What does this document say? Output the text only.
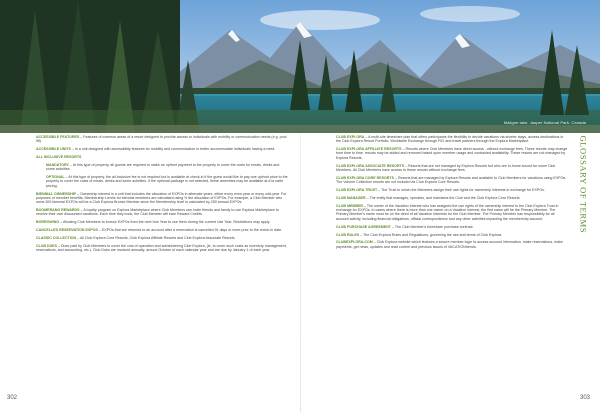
Maligne lake, Jasper National Park, Canada
ACCESSIBLE FEATURES – Features of common areas of a resort designed to provide access to individuals with mobility or communication needs (e.g. pool lift).
ACCESSIBLE UNITS – Is a unit designed with accessibility features for mobility and communication to better accommodate individuals having a need.
ALL INCLUSIVE RESORTS
MANDATORY – At this type of property, all guests are required to make an upfront payment to the property to cover the costs for meals, drinks and some activities.
OPTIONAL – At this type of property, the all-inclusive fee is not required but is available at check-in if the guest would like to pay one upfront price to the property to cover the costs of meals, drinks and some activities. If the optional package is not selected, these amenities may be available at à la carte pricing.
BIENNIAL OWNERSHIP – Ownership interest in a unit that includes the allocation of EXPOs in alternate years, either every even-year or every odd-year. For purposes of member benefits, Membership Levels for biennial members are calculated using ½ the allocation of EXPOs. For example, a Club Member who owns 300 biennial EXPOs will be a Club Explora Bronze Member since the Membership level is calculated by 250 annual EXPOs.
BOOMERANG REWARDS – A loyalty program on Explora Marketplace where Club Members can invite friends and family to use Explora Marketplace to receive their own discounted vacations. Each time they book, the Club Member will earn Reward Credits.
BORROWING – Allowing Club Members to borrow EXPOs from the next Use Year to use them during the current Use Year. Restrictions may apply.
CANCELLED RESERVATION EXPOS – EXPOs that are returned to an account after a reservation is cancelled 91 days or more prior to the check-in date.
CLASSIC COLLECTION – All Club Explora Core Resorts, Club Explora Affiliate Resorts and Club Explora Associate Resorts.
CLUB DUES – Dues paid by Club Members to cover the cost of operation and administering Club Explora, (ie, to cover such costs as inventory management, reservations, and accounting, etc.). Club Dues are invoiced annually, around October of each calendar year and are due by January 1 of each year.
CLUB EXPLORA – A multi-site timeshare plan that offers participants the flexibility to decide vacations via shorter stays, access destinations in the Club Explora Resort Portfolio, Worldwide Exchange through RCI and travel partners through the Explora Marketplace.
CLUB EXPLORA AFFILIATE RESORTS – Resorts where Club Members have direct access - without exchange fees. These resorts may change from time to time, resorts may be added and removed based upon member usage and contracted availability. These resorts are not managed by Explora Resorts.
CLUB EXPLORA ASSOCIATE RESORTS – Resorts that are not managed by Explora Resorts but who are in-home-bound for some Club Members. All Club Members have access to these resorts without exchange fees.
CLUB EXPLORA CORE RESORTS – Resorts that are managed by Explora Resorts and available to Club Members for vacations using EXPOs. The Volume Collection resorts are not included as Club Explora Core Resorts.
CLUB EXPLORA TRUST – The Trust to which the Members assign their use rights for ownership interests in exchange for EXPOs.
CLUB MANAGER – The entity that manages, operates, and maintains the Club and the Club Explora Core Resorts.
CLUB MEMBER – The owner of the Vacation Interest who has assigned the use rights of the ownership interest to the Club Explora Trust in exchange for EXPOs. In cases where there is more than one owner on a Vacation Interest, the first name will be the Primary Member. The Primary Member's name must be on the deed of all Vacation Interests for the Club Member. The Primary Member has responsibility for all account activity, including financial obligations, official correspondence and any other activities impacting the membership account.
CLUB PURCHASE AGREEMENT – The Club Member's timeshare purchase contract.
CLUB RULES – The Club Explora Rules and Regulations, governing the use and terms of Club Explora.
CLUBEXPLORA.COM – Club Explora website which features a secure member login to access account information, make reservations, make payments, get news, updates and read current and previous issues of VACATIONtrends.
GLOSSARY OF TERMS
302	303
